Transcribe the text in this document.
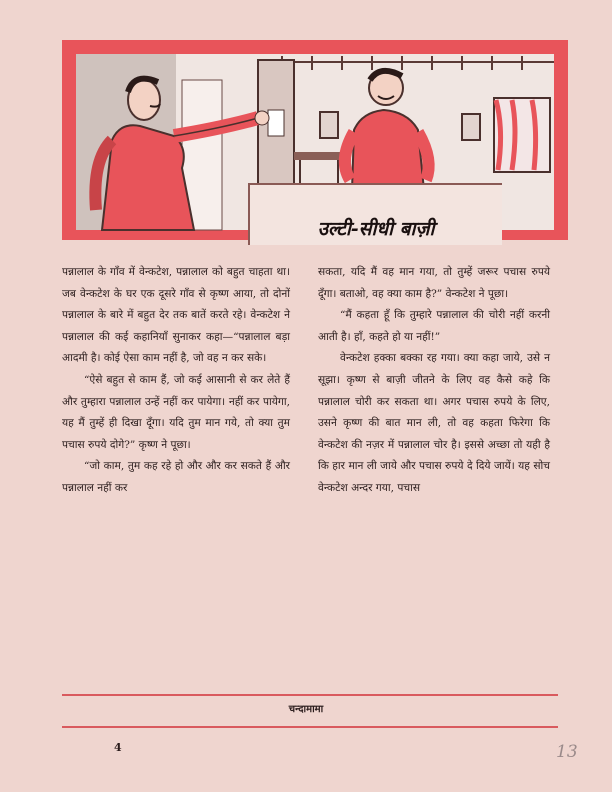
उल्टी-सीधी बाज़ी

पन्नालाल के गाँव में वेन्कटेश, पन्नालाल को बहुत चाहता था। जब वेन्कटेश के घर एक दूसरे गाँव से कृष्ण आया, तो दोनों पन्नालाल के बारे में बहुत देर तक बातें करते रहे। वेन्कटेश ने पन्नालाल की कई कहानियाँ सुनाकर कहा—“पन्नालाल बड़ा आदमी है। कोई ऐसा काम नहीं है, जो वह न कर सके।

“ऐसे बहुत से काम हैं, जो कई आसानी से कर लेते हैं और तुम्हारा पन्नालाल उन्हें नहीं कर पायेगा। नहीं कर पायेगा, यह मैं तुम्हें ही दिखा दूँगा। यदि तुम मान गये, तो क्या तुम पचास रुपये दोगे?” कृष्ण ने पूछा।

“जो काम, तुम कह रहे हो और और कर सकते हैं और पन्नालाल नहीं कर

सकता, यदि मैं वह मान गया, तो तुम्हें जरूर पचास रुपये दूँगा। बताओ, वह क्या काम है?” वेन्कटेश ने पूछा।

“मैं कहता हूँ कि तुम्हारे पन्नालाल की चोरी नहीं करनी आती है। हाँ, कहते हो या नहीं!”

वेन्कटेश हक्का बक्का रह गया। क्या कहा जाये, उसे न सूझा। कृष्ण से बाज़ी जीतने के लिए वह कैसे कहे कि पन्नालाल चोरी कर सकता था। अगर पचास रुपये के लिए, उसने कृष्ण की बात मान ली, तो वह कहता फिरेगा कि वेन्कटेश की नज़र में पन्नालाल चोर है। इससे अच्छा तो यही है कि हार मान ली जाये और पचास रुपये दे दिये जायें। यह सोच वेन्कटेश अन्दर गया, पचास

चन्दामामा
4	13
